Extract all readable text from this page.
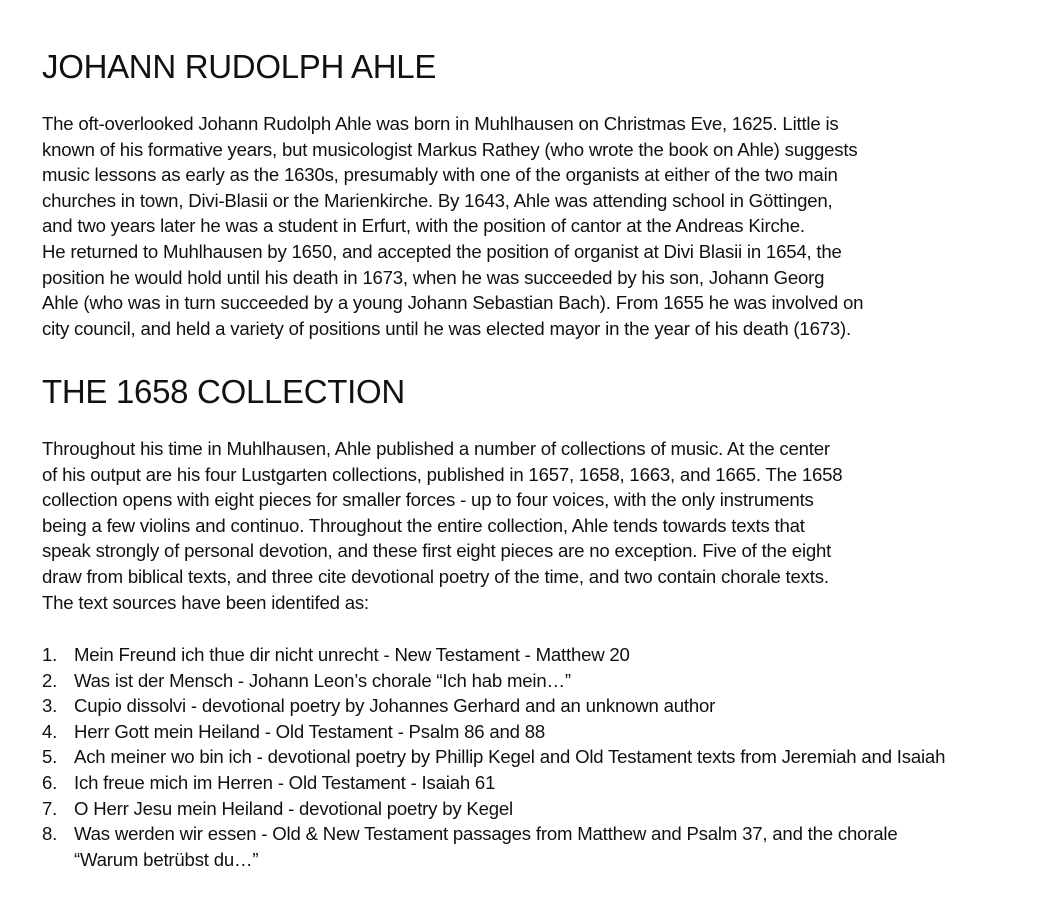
JOHANN RUDOLPH AHLE
The oft-overlooked Johann Rudolph Ahle was born in Muhlhausen on Christmas Eve, 1625. Little is
known of his formative years, but musicologist Markus Rathey (who wrote the book on Ahle) suggests
music lessons as early as the 1630s, presumably with one of the organists at either of the two main
churches in town, Divi-Blasii or the Marienkirche. By 1643, Ahle was attending school in Göttingen,
and two years later he was a student in Erfurt, with the position of cantor at the Andreas Kirche.
He returned to Muhlhausen by 1650, and accepted the position of organist at Divi Blasii in 1654, the
position he would hold until his death in 1673, when he was succeeded by his son, Johann Georg
Ahle (who was in turn succeeded by a young Johann Sebastian Bach). From 1655 he was involved on
city council, and held a variety of positions until he was elected mayor in the year of his death (1673).
THE 1658 COLLECTION
Throughout his time in Muhlhausen, Ahle published a number of collections of music. At the center
of his output are his four Lustgarten collections, published in 1657, 1658, 1663, and 1665. The 1658
collection opens with eight pieces for smaller forces - up to four voices, with the only instruments
being a few violins and continuo. Throughout the entire collection, Ahle tends towards texts that
speak strongly of personal devotion, and these first eight pieces are no exception. Five of the eight
draw from biblical texts, and three cite devotional poetry of the time, and two contain chorale texts.
The text sources have been identifed as:
1. Mein Freund ich thue dir nicht unrecht - New Testament - Matthew 20
2. Was ist der Mensch - Johann Leon’s chorale “Ich hab mein…”
3. Cupio dissolvi - devotional poetry by Johannes Gerhard and an unknown author
4. Herr Gott mein Heiland - Old Testament - Psalm 86 and 88
5. Ach meiner wo bin ich - devotional poetry by Phillip Kegel and Old Testament texts from Jeremiah and Isaiah
6. Ich freue mich im Herren - Old Testament - Isaiah 61
7. O Herr Jesu mein Heiland - devotional poetry by Kegel
8. Was werden wir essen - Old & New Testament passages from Matthew and Psalm 37, and the chorale “Warum betrübst du…”
